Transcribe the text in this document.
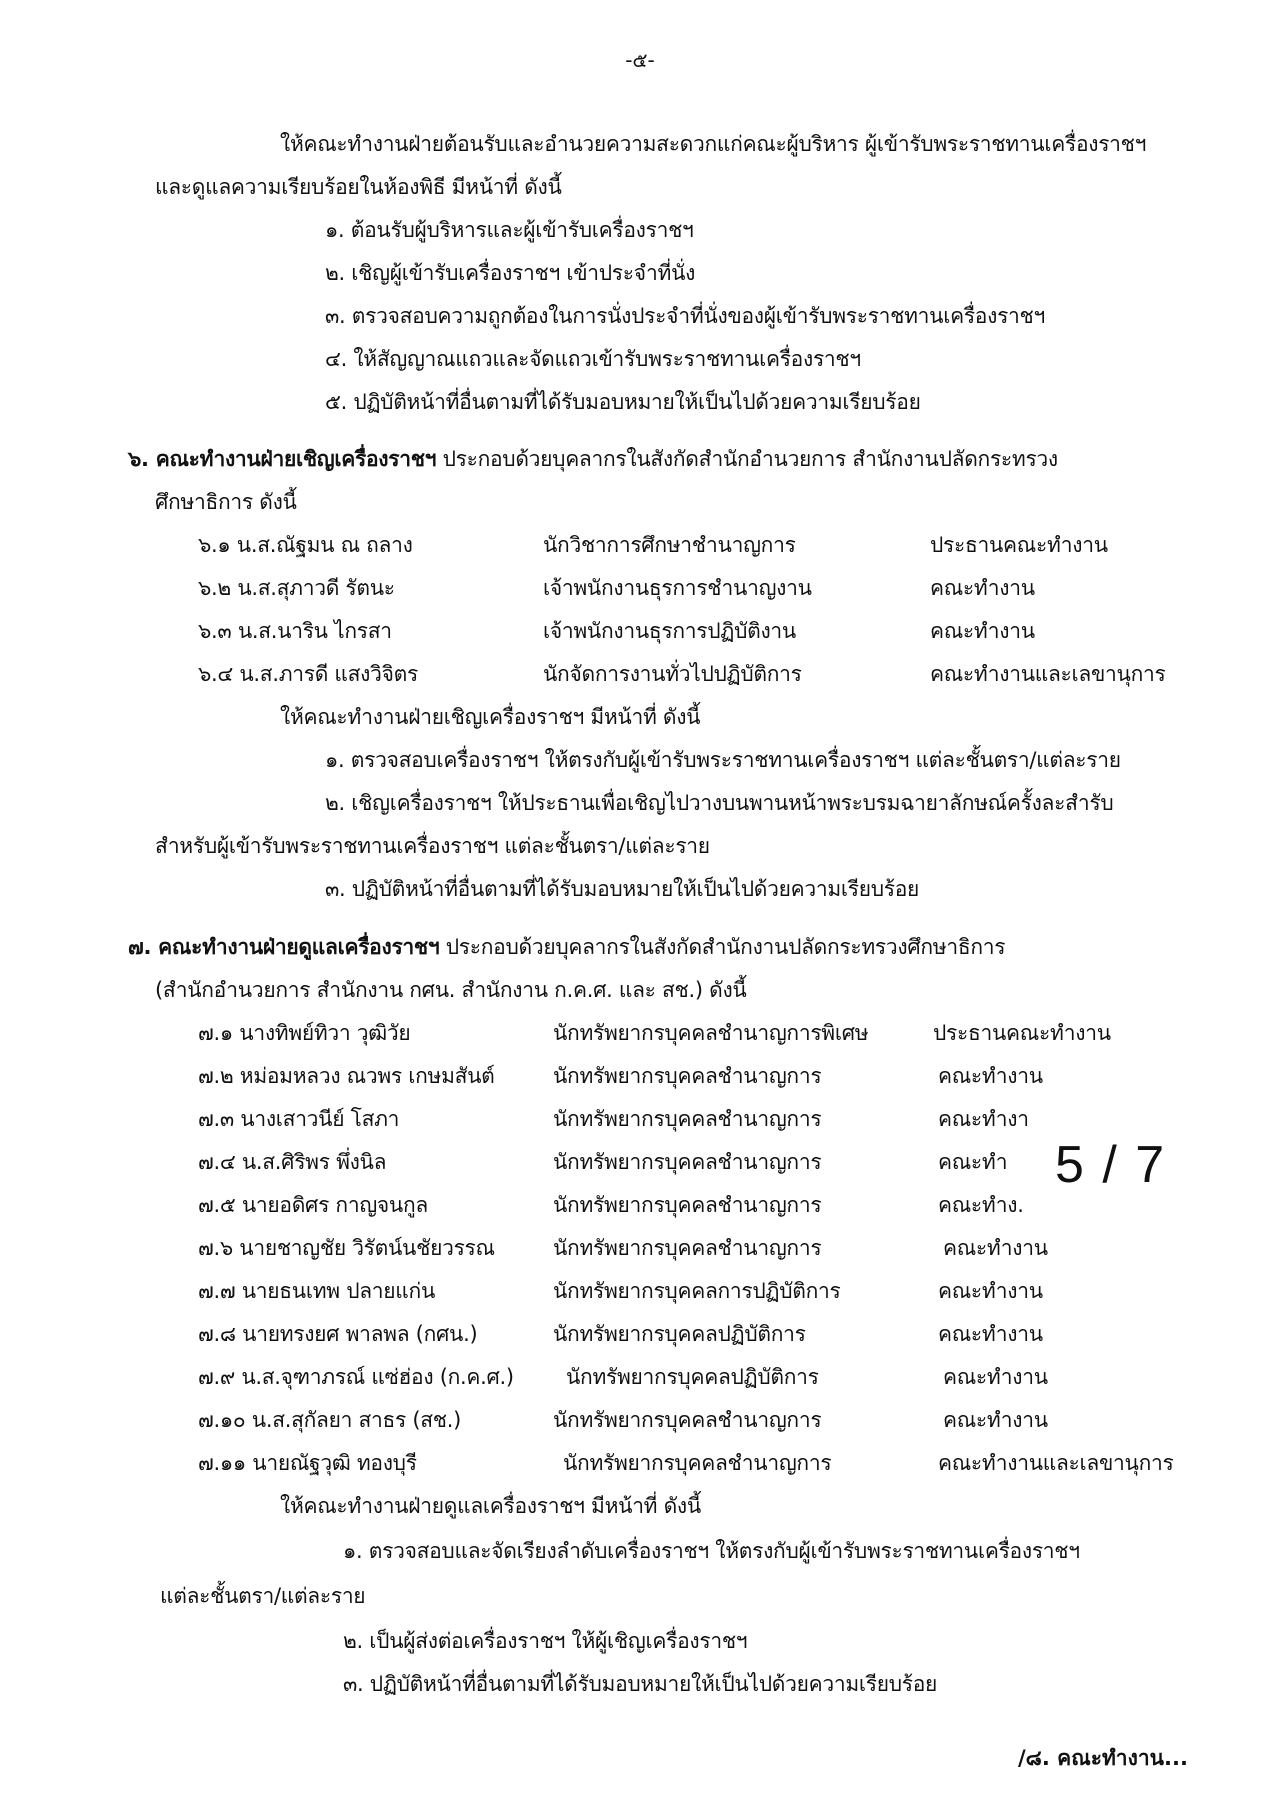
-๕-
ให้คณะทำงานฝ่ายต้อนรับและอำนวยความสะดวกแก่คณะผู้บริหาร ผู้เข้ารับพระราชทานเครื่องราชฯ
และดูแลความเรียบร้อยในห้องพิธี มีหน้าที่ ดังนี้
๑. ต้อนรับผู้บริหารและผู้เข้ารับเครื่องราชฯ
๒. เชิญผู้เข้ารับเครื่องราชฯ เข้าประจำที่นั่ง
๓. ตรวจสอบความถูกต้องในการนั่งประจำที่นั่งของผู้เข้ารับพระราชทานเครื่องราชฯ
๔. ให้สัญญาณแถวและจัดแถวเข้ารับพระราชทานเครื่องราชฯ
๕. ปฏิบัติหน้าที่อื่นตามที่ได้รับมอบหมายให้เป็นไปด้วยความเรียบร้อย
๖. คณะทำงานฝ่ายเชิญเครื่องราชฯ ประกอบด้วยบุคลากรในสังกัดสำนักอำนวยการ สำนักงานปลัดกระทรวง
ศึกษาธิการ ดังนี้
๖.๑ น.ส.ณัฐมน ณ ถลาง	นักวิชาการศึกษาชำนาญการ	ประธานคณะทำงาน
๖.๒ น.ส.สุภาวดี รัตนะ	เจ้าพนักงานธุรการชำนาญงาน	คณะทำงาน
๖.๓ น.ส.นาริน ไกรสา	เจ้าพนักงานธุรการปฏิบัติงาน	คณะทำงาน
๖.๔ น.ส.ภารดี แสงวิจิตร	นักจัดการงานทั่วไปปฏิบัติการ	คณะทำงานและเลขานุการ
ให้คณะทำงานฝ่ายเชิญเครื่องราชฯ มีหน้าที่ ดังนี้
๑. ตรวจสอบเครื่องราชฯ ให้ตรงกับผู้เข้ารับพระราชทานเครื่องราชฯ แต่ละชั้นตรา/แต่ละราย
๒. เชิญเครื่องราชฯ ให้ประธานเพื่อเชิญไปวางบนพานหน้าพระบรมฉายาลักษณ์ครั้งละสำรับ
สำหรับผู้เข้ารับพระราชทานเครื่องราชฯ แต่ละชั้นตรา/แต่ละราย
๓. ปฏิบัติหน้าที่อื่นตามที่ได้รับมอบหมายให้เป็นไปด้วยความเรียบร้อย
๗. คณะทำงานฝ่ายดูแลเครื่องราชฯ ประกอบด้วยบุคลากรในสังกัดสำนักงานปลัดกระทรวงศึกษาธิการ
(สำนักอำนวยการ สำนักงาน กศน. สำนักงาน ก.ค.ศ. และ สช.) ดังนี้
๗.๑ นางทิพย์ทิวา วุฒิวัย	นักทรัพยากรบุคคลชำนาญการพิเศษ	ประธานคณะทำงาน
๗.๒ หม่อมหลวง ณวพร เกษมสันต์	นักทรัพยากรบุคคลชำนาญการ	คณะทำงาน
๗.๓ นางเสาวนีย์ โสภา	นักทรัพยากรบุคคลชำนาญการ	คณะทำงา
๗.๔ น.ส.ศิริพร พึ่งนิล	นักทรัพยากรบุคคลชำนาญการ	คณะทำ
๗.๕ นายอดิศร กาญจนกูล	นักทรัพยากรบุคคลชำนาญการ	คณะทำง.
๗.๖ นายชาญชัย วิรัตน์นชัยวรรณ	นักทรัพยากรบุคคลชำนาญการ	คณะทำงาน
๗.๗ นายธนเทพ ปลายแก่น	นักทรัพยากรบุคคลการปฏิบัติการ	คณะทำงาน
๗.๘ นายทรงยศ พาลพล (กศน.)	นักทรัพยากรบุคคลปฏิบัติการ	คณะทำงาน
๗.๙ น.ส.จุฑาภรณ์ แซ่ฮ่อง (ก.ค.ศ.) นักทรัพยากรบุคคลปฏิบัติการ	คณะทำงาน
๗.๑๐ น.ส.สุกัลยา สาธร (สช.)	นักทรัพยากรบุคคลชำนาญการ	คณะทำงาน
๗.๑๑ นายณัฐวุฒิ ทองบุรี	นักทรัพยากรบุคคลชำนาญการ	คณะทำงานและเลขานุการ
ให้คณะทำงานฝ่ายดูแลเครื่องราชฯ มีหน้าที่ ดังนี้
๑. ตรวจสอบและจัดเรียงลำดับเครื่องราชฯ ให้ตรงกับผู้เข้ารับพระราชทานเครื่องราชฯ
แต่ละชั้นตรา/แต่ละราย
๒. เป็นผู้ส่งต่อเครื่องราชฯ ให้ผู้เชิญเครื่องราชฯ
๓. ปฏิบัติหน้าที่อื่นตามที่ได้รับมอบหมายให้เป็นไปด้วยความเรียบร้อย
5 / 7
/๘. คณะทำงาน...
